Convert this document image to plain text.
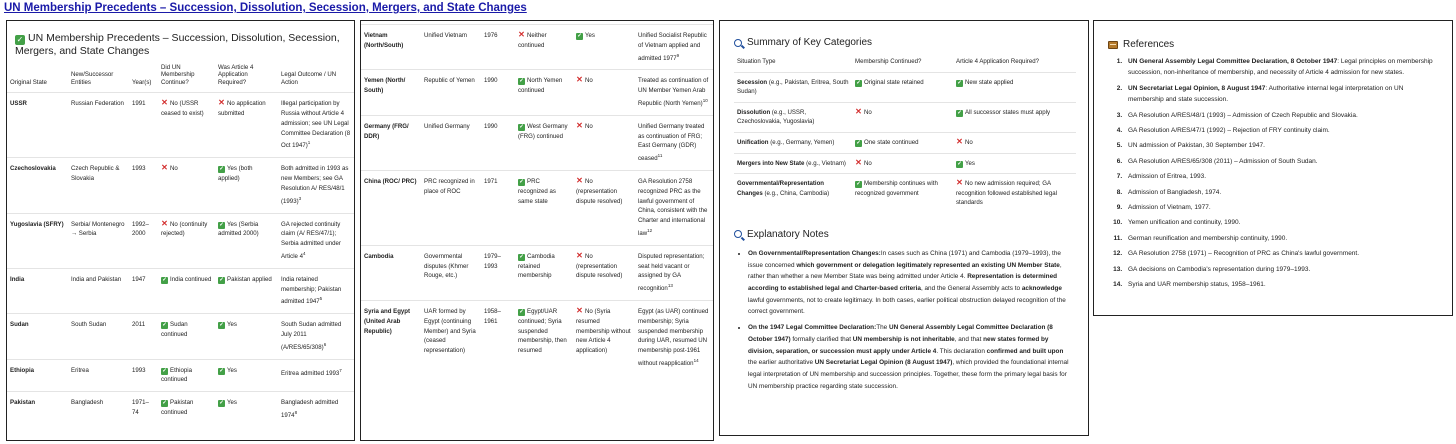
UN Membership Precedents – Succession, Dissolution, Secession, Mergers, and State Changes
✓ UN Membership Precedents – Succession, Dissolution, Secession, Mergers, and State Changes
Original State	New/Successor Entities	Year(s)	Did UN Membership Continue?	Was Article 4 Application Required?	Legal Outcome / UN Action
USSR	Russian Federation	1991	✕ No (USSR ceased to exist)	✕ No application submitted	Illegal participation by Russia without Article 4 admission; see UN Legal Committee Declaration (8 Oct 1947)$^1$
Czechoslovakia	Czech Republic & Slovakia	1993	✕ No	✓ Yes (both applied)	Both admitted in 1993 as new Members; see GA Resolution A/ RES/48/1 $(1993)^3$
Yugoslavia (SFRY)	Serbia/ Montenegro → Serbia	1992–2000	✕ No (continuity rejected)	✓ Yes (Serbia admitted 2000)	GA rejected continuity claim (A/ RES/47/1); Serbia admitted under Article $4^4$
India	India and Pakistan	1947	✓ India continued	✓ Pakistan applied	India retained membership; Pakistan admitted 1947$^5$
Sudan	South Sudan	2011	✓ Sudan continued	✓ Yes	South Sudan admitted July 2011 $(A/RES/65/308)^6$
Ethiopia	Eritrea	1993	✓ Ethiopia continued	✓ Yes	Eritrea admitted 1993$^7$
Pakistan	Bangladesh	1971–74	✓ Pakistan continued	✓ Yes	Bangladesh admitted 1974$^8$
Vietnam (North/South)	Unified Vietnam	1976	✕ Neither continued	✓ Yes	Unified Socialist Republic of Vietnam applied and admitted 1977$^9$
Yemen (North/ South)	Republic of Yemen	1990	✓ North Yemen continued	✕ No	Treated as continuation of UN Member Yemen Arab Republic (North Yemen)$^{10}$
Germany (FRG/ DDR)	Unified Germany	1990	✓ West Germany (FRG) continued	✕ No	Unified Germany treated as continuation of FRG; East Germany (GDR) ceased$^{11}$
China (ROC/ PRC)	PRC recognized in place of ROC	1971	✓ PRC recognized as same state	✕ No (representation dispute resolved)	GA Resolution 2758 recognized PRC as the lawful government of China, consistent with the Charter and international law$^{12}$
Cambodia	Governmental disputes (Khmer Rouge, etc.)	1979–1993	✓ Cambodia retained membership	✕ No (representation dispute resolved)	Disputed representation; seat held vacant or assigned by GA recognition$^{13}$
Syria and Egypt (United Arab Republic)	UAR formed by Egypt (continuing Member) and Syria (ceased representation)	1958–1961	✓ Egypt/UAR continued; Syria suspended membership, then resumed	✕ No (Syria resumed membership without new Article 4 application)	Egypt (as UAR) continued membership; Syria suspended membership during UAR, resumed UN membership post-1961 without reapplication$^{14}$
Summary of Key Categories
Situation Type	Membership Continued?	Article 4 Application Required?
Secession (e.g., Pakistan, Eritrea, South Sudan)	✓ Original state retained	✓ New state applied
Dissolution (e.g., USSR, Czechoslovakia, Yugoslavia)	✕ No	✓ All successor states must apply
Unification (e.g., Germany, Yemen)	✓ One state continued	✕ No
Mergers into New State (e.g., Vietnam)	✕ No	✓ Yes
Governmental/Representation Changes (e.g., China, Cambodia)	✓ Membership continues with recognized government	✕ No new admission required; GA recognition followed established legal standards
Explanatory Notes
• On Governmental/Representation Changes:In cases such as China (1971) and Cambodia (1979–1993), the issue concerned which government or delegation legitimately represented an existing UN Member State, rather than whether a new Member State was being admitted under Article 4. Representation is determined according to established legal and Charter-based criteria, and the General Assembly acts to acknowledge lawful governments, not to create legitimacy. In both cases, earlier political obstruction delayed recognition of the correct government.
• On the 1947 Legal Committee Declaration:The UN General Assembly Legal Committee Declaration (8 October 1947) formally clarified that UN membership is not inheritable, and that new states formed by division, separation, or succession must apply under Article 4. This declaration confirmed and built upon the earlier authoritative UN Secretariat Legal Opinion (8 August 1947), which provided the foundational internal legal interpretation of UN membership and succession principles. Together, these form the primary legal basis for UN membership practice regarding state succession.
References
1. UN General Assembly Legal Committee Declaration, 8 October 1947: Legal principles on membership succession, non-inheritance of membership, and necessity of Article 4 admission for new states.
2. UN Secretariat Legal Opinion, 8 August 1947: Authoritative internal legal interpretation on UN membership and state succession.
3. GA Resolution A/RES/48/1 (1993) – Admission of Czech Republic and Slovakia.
4. GA Resolution A/RES/47/1 (1992) – Rejection of FRY continuity claim.
5. UN admission of Pakistan, 30 September 1947.
6. GA Resolution A/RES/65/308 (2011) – Admission of South Sudan.
7. Admission of Eritrea, 1993.
8. Admission of Bangladesh, 1974.
9. Admission of Vietnam, 1977.
10. Yemen unification and continuity, 1990.
11. German reunification and membership continuity, 1990.
12. GA Resolution 2758 (1971) – Recognition of PRC as China's lawful government.
13. GA decisions on Cambodia's representation during 1979–1993.
14. Syria and UAR membership status, 1958–1961.
